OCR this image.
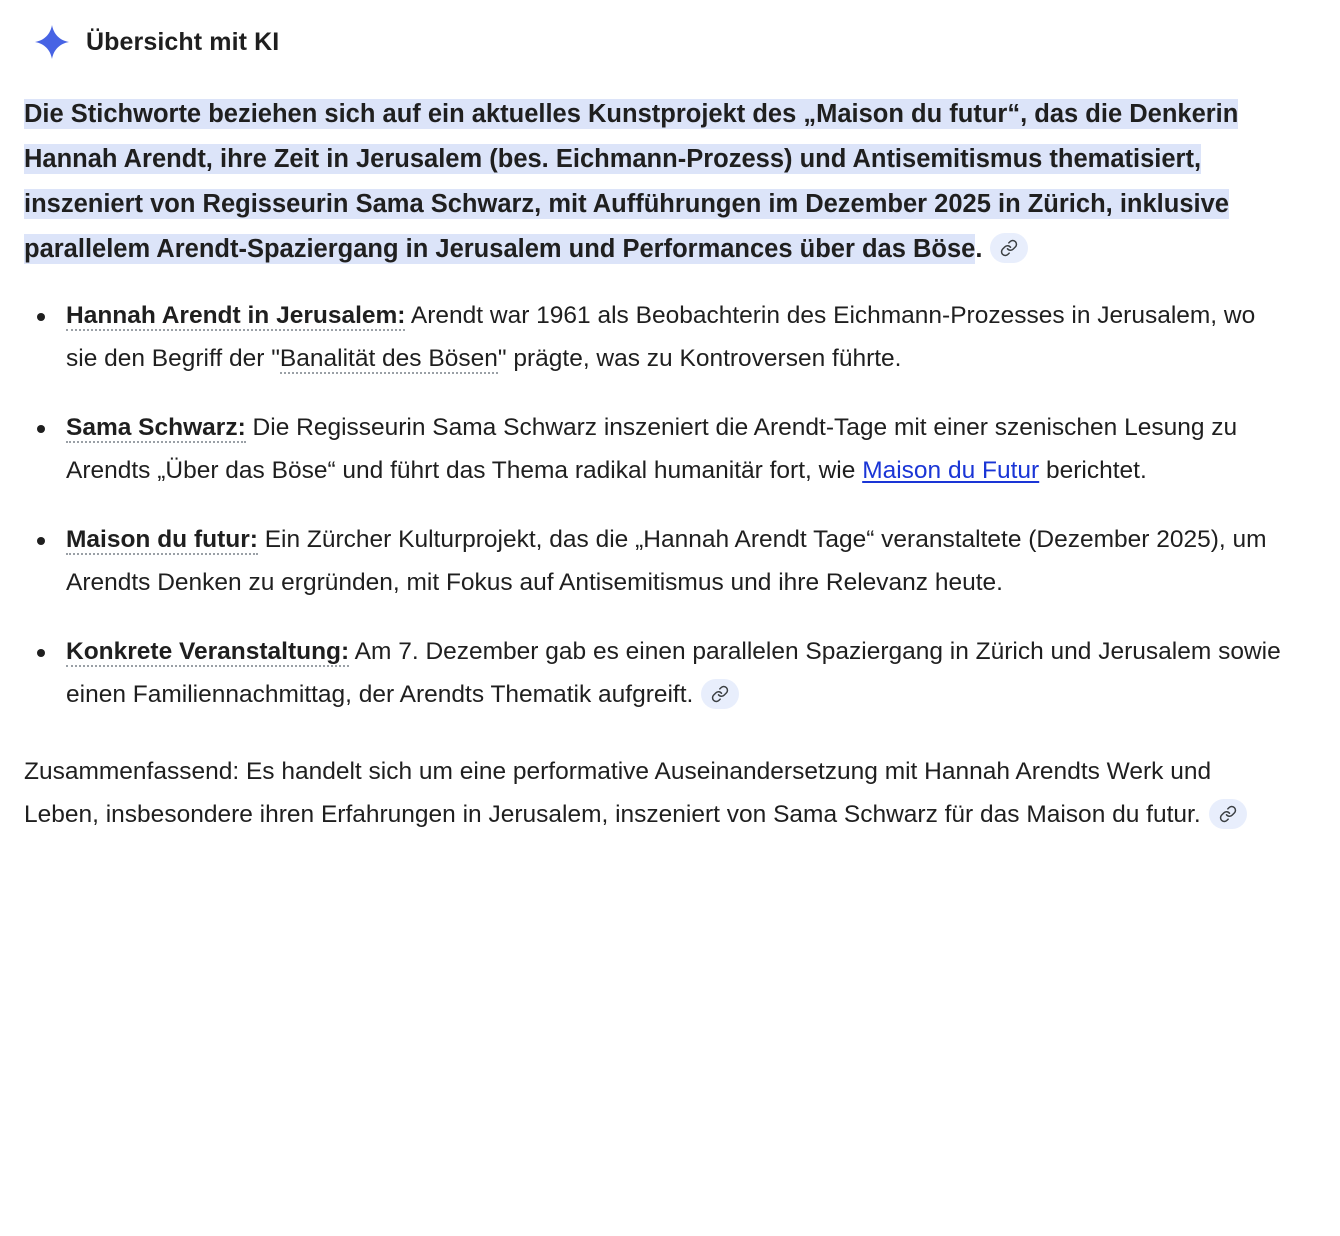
Übersicht mit KI

Die Stichworte beziehen sich auf ein aktuelles Kunstprojekt des „Maison du futur“, das die Denkerin Hannah Arendt, ihre Zeit in Jerusalem (bes. Eichmann-Prozess) und Antisemitismus thematisiert, inszeniert von Regisseurin Sama Schwarz, mit Aufführungen im Dezember 2025 in Zürich, inklusive parallelem Arendt-Spaziergang in Jerusalem und Performances über das Böse.

Hannah Arendt in Jerusalem: Arendt war 1961 als Beobachterin des Eichmann-Prozesses in Jerusalem, wo sie den Begriff der "Banalität des Bösen" prägte, was zu Kontroversen führte.
Sama Schwarz: Die Regisseurin Sama Schwarz inszeniert die Arendt-Tage mit einer szenischen Lesung zu Arendts „Über das Böse“ und führt das Thema radikal humanitär fort, wie Maison du Futur berichtet.
Maison du futur: Ein Zürcher Kulturprojekt, das die „Hannah Arendt Tage“ veranstaltete (Dezember 2025), um Arendts Denken zu ergründen, mit Fokus auf Antisemitismus und ihre Relevanz heute.
Konkrete Veranstaltung: Am 7. Dezember gab es einen parallelen Spaziergang in Zürich und Jerusalem sowie einen Familiennachmittag, der Arendts Thematik aufgreift.

Zusammenfassend: Es handelt sich um eine performative Auseinandersetzung mit Hannah Arendts Werk und Leben, insbesondere ihren Erfahrungen in Jerusalem, inszeniert von Sama Schwarz für das Maison du futur.
